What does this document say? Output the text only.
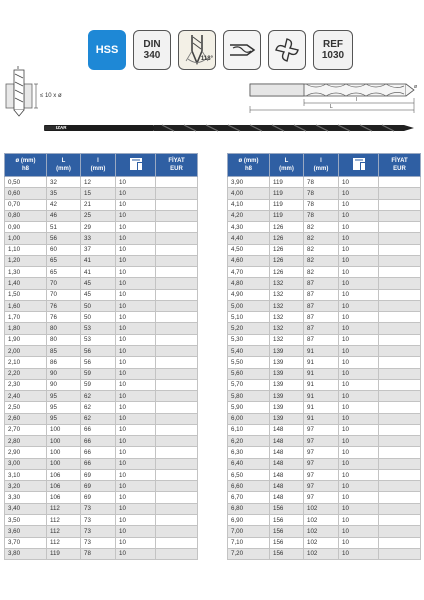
HSS	DIN
340	118°
REF
1030
≤ 10 x ø
L
l
ø
IZAR
ø (mm)
h8	L
(mm)	l
(mm)		FİYAT
EUR

0,50	32	12	10	
0,60	35	15	10	
0,70	42	21	10	
0,80	46	25	10	
0,90	51	29	10	
1,00	56	33	10	
1,10	60	37	10	
1,20	65	41	10	
1,30	65	41	10	
1,40	70	45	10	
1,50	70	45	10	
1,60	76	50	10	
1,70	76	50	10	
1,80	80	53	10	
1,90	80	53	10	
2,00	85	56	10	
2,10	86	56	10	
2,20	90	59	10	
2,30	90	59	10	
2,40	95	62	10	
2,50	95	62	10	
2,60	95	62	10	
2,70	100	66	10	
2,80	100	66	10	
2,90	100	66	10	
3,00	100	66	10	
3,10	106	69	10	
3,20	106	69	10	
3,30	106	69	10	
3,40	112	73	10	
3,50	112	73	10	
3,60	112	73	10	
3,70	112	73	10	
3,80	119	78	10	
ø (mm)
h8	L
(mm)	l
(mm)		FİYAT
EUR

3,90	119	78	10	
4,00	119	78	10	
4,10	119	78	10	
4,20	119	78	10	
4,30	126	82	10	
4,40	126	82	10	
4,50	126	82	10	
4,60	126	82	10	
4,70	126	82	10	
4,80	132	87	10	
4,90	132	87	10	
5,00	132	87	10	
5,10	132	87	10	
5,20	132	87	10	
5,30	132	87	10	
5,40	139	91	10	
5,50	139	91	10	
5,60	139	91	10	
5,70	139	91	10	
5,80	139	91	10	
5,90	139	91	10	
6,00	139	91	10	
6,10	148	97	10	
6,20	148	97	10	
6,30	148	97	10	
6,40	148	97	10	
6,50	148	97	10	
6,60	148	97	10	
6,70	148	97	10	
6,80	156	102	10	
6,90	156	102	10	
7,00	156	102	10	
7,10	156	102	10	
7,20	156	102	10	
